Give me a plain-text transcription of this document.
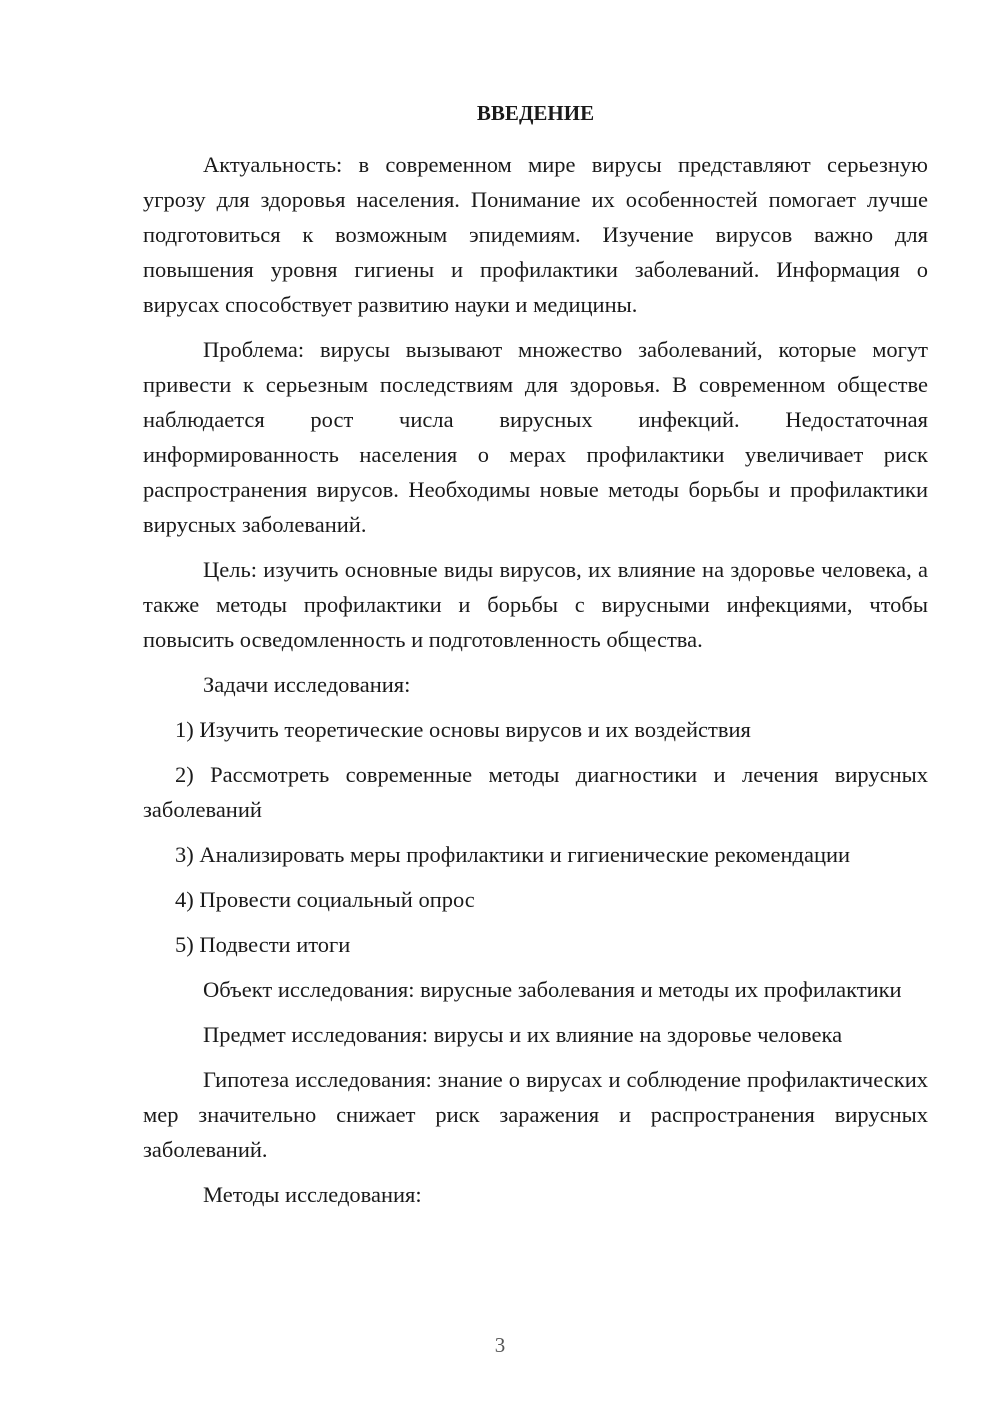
ВВЕДЕНИЕ

Актуальность: в современном мире вирусы представляют серьезную угрозу для здоровья населения. Понимание их особенностей помогает лучше подготовиться к возможным эпидемиям. Изучение вирусов важно для повышения уровня гигиены и профилактики заболеваний. Информация о вирусах способствует развитию науки и медицины.

Проблема: вирусы вызывают множество заболеваний, которые могут привести к серьезным последствиям для здоровья. В современном обществе наблюдается рост числа вирусных инфекций. Недостаточная информированность населения о мерах профилактики увеличивает риск распространения вирусов. Необходимы новые методы борьбы и профилактики вирусных заболеваний.

Цель: изучить основные виды вирусов, их влияние на здоровье человека, а также методы профилактики и борьбы с вирусными инфекциями, чтобы повысить осведомленность и подготовленность общества.

Задачи исследования:

1) Изучить теоретические основы вирусов и их воздействия

2) Рассмотреть современные методы диагностики и лечения вирусных заболеваний

3) Анализировать меры профилактики и гигиенические рекомендации

4) Провести социальный опрос

5) Подвести итоги

Объект исследования: вирусные заболевания и методы их профилактики

Предмет исследования: вирусы и их влияние на здоровье человека

Гипотеза исследования: знание о вирусах и соблюдение профилактических мер значительно снижает риск заражения и распространения вирусных заболеваний.

Методы исследования:

3
